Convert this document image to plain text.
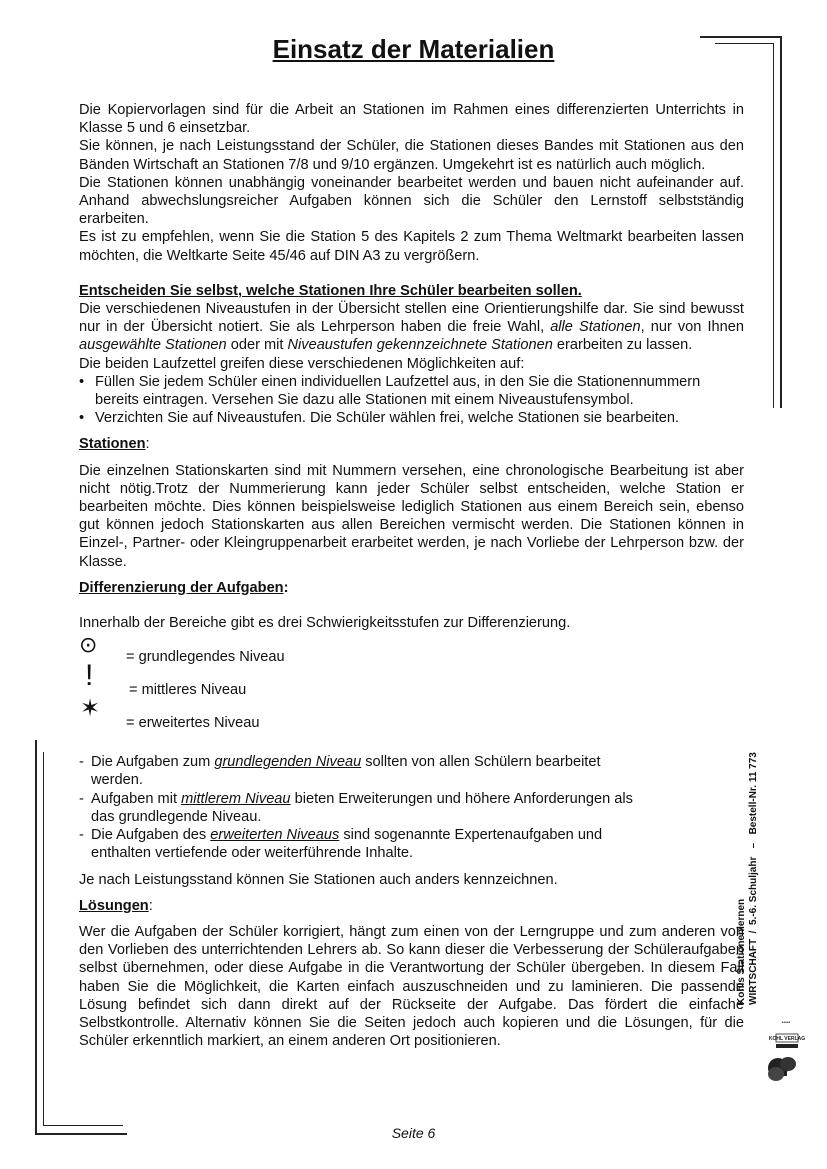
Einsatz der Materialien

Die Kopiervorlagen sind für die Arbeit an Stationen im Rahmen eines differenzierten Unterrichts in Klasse 5 und 6 einsetzbar.

Sie können, je nach Leistungsstand der Schüler, die Stationen dieses Bandes mit Stationen aus den Bänden Wirtschaft an Stationen 7/8 und 9/10 ergänzen. Umgekehrt ist es natürlich auch möglich.

Die Stationen können unabhängig voneinander bearbeitet werden und bauen nicht aufeinander auf. Anhand abwechslungsreicher Aufgaben können sich die Schüler den Lernstoff selbstständig erarbeiten.

Es ist zu empfehlen, wenn Sie die Station 5 des Kapitels 2 zum Thema Weltmarkt bearbeiten lassen möchten, die Weltkarte Seite 45/46 auf DIN A3 zu vergrößern.

Entscheiden Sie selbst, welche Stationen Ihre Schüler bearbeiten sollen.

Die verschiedenen Niveaustufen in der Übersicht stellen eine Orientierungshilfe dar. Sie sind bewusst nur in der Übersicht notiert. Sie als Lehrperson haben die freie Wahl, alle Stationen, nur von Ihnen ausgewählte Stationen oder mit Niveaustufen gekennzeichnete Stationen erarbeiten zu lassen.

Die beiden Laufzettel greifen diese verschiedenen Möglichkeiten auf:

• Füllen Sie jedem Schüler einen individuellen Laufzettel aus, in den Sie die Stationennummern bereits eintragen. Versehen Sie dazu alle Stationen mit einem Niveaustufensymbol.

• Verzichten Sie auf Niveaustufen. Die Schüler wählen frei, welche Stationen sie bearbeiten.

Stationen:

Die einzelnen Stationskarten sind mit Nummern versehen, eine chronologische Bearbeitung ist aber nicht nötig.Trotz der Nummerierung kann jeder Schüler selbst entscheiden, welche Station er bearbeiten möchte. Dies können beispielsweise lediglich Stationen aus einem Bereich sein, ebenso gut können jedoch Stationskarten aus allen Bereichen vermischt werden. Die Stationen können in Einzel-, Partner- oder Kleingruppenarbeit erarbeitet werden, je nach Vorliebe der Lehrperson bzw. der Klasse.

Differenzierung der Aufgaben:

Innerhalb der Bereiche gibt es drei Schwierigkeitsstufen zur Differenzierung.

⊙	= grundlegendes Niveau
!	= mittleres Niveau
✶
= erweitertes Niveau

- Die Aufgaben zum grundlegenden Niveau sollten von allen Schülern bearbeitet werden.

- Aufgaben mit mittlerem Niveau bieten Erweiterungen und höhere Anforderungen als das grundlegende Niveau.

- Die Aufgaben des erweiterten Niveaus sind sogenannte Expertenaufgaben und enthalten vertiefende oder weiterführende Inhalte.

Je nach Leistungsstand können Sie Stationen auch anders kennzeichnen.

Lösungen:

Wer die Aufgaben der Schüler korrigiert, hängt zum einen von der Lerngruppe und zum anderen von den Vorlieben des unterrichtenden Lehrers ab. So kann dieser die Verbesserung der Schüleraufgaben selbst übernehmen, oder diese Aufgabe in die Verantwortung der Schüler übergeben. In diesem Fall haben Sie die Möglichkeit, die Karten einfach auszuschneiden und zu laminieren. Die passende Lösung befindet sich dann direkt auf der Rückseite der Aufgabe. Das fördert die einfache Selbstkontrolle. Alternativ können Sie die Seiten jedoch auch kopieren und die Lösungen, für die Schüler erkenntlich markiert, an einem anderen Ort positionieren.

Kohls Stationenlernen WIRTSCHAFT  /  5.-6. Schuljahr   –   Bestell-Nr. 11 773
•••••
KOHL VERLAG
Seite 6
